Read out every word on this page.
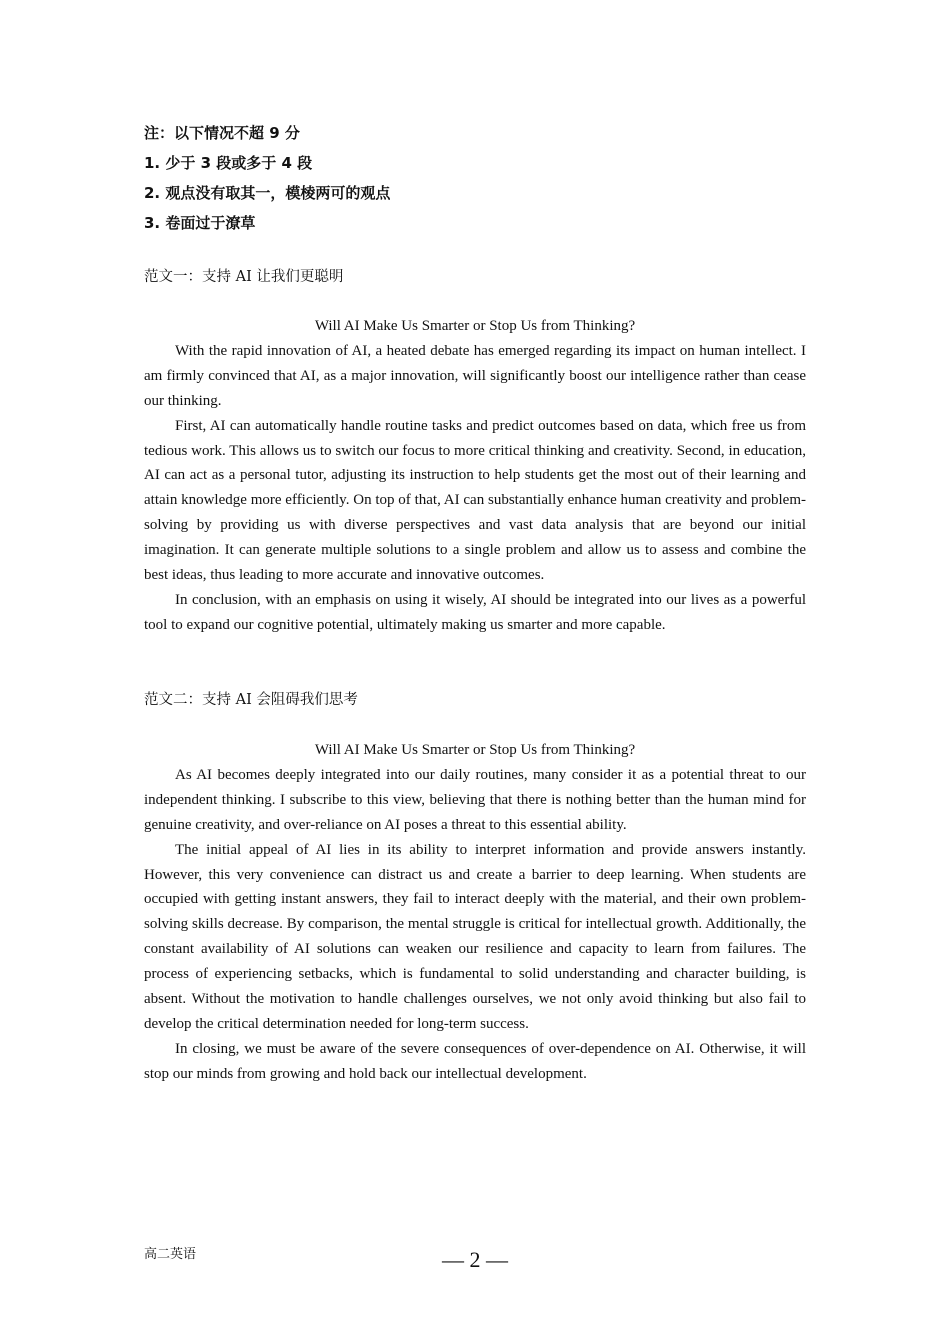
注：以下情况不超 9 分
1. 少于 3 段或多于 4 段
2. 观点没有取其一，模棱两可的观点
3. 卷面过于潦草
范文一：支持 AI 让我们更聪明
Will AI Make Us Smarter or Stop Us from Thinking?

With the rapid innovation of AI, a heated debate has emerged regarding its impact on human intellect. I am firmly convinced that AI, as a major innovation, will significantly boost our intelligence rather than cease our thinking.

First, AI can automatically handle routine tasks and predict outcomes based on data, which free us from tedious work. This allows us to switch our focus to more critical thinking and creativity. Second, in education, AI can act as a personal tutor, adjusting its instruction to help students get the most out of their learning and attain knowledge more efficiently. On top of that, AI can substantially enhance human creativity and problem-solving by providing us with diverse perspectives and vast data analysis that are beyond our initial imagination. It can generate multiple solutions to a single problem and allow us to assess and combine the best ideas, thus leading to more accurate and innovative outcomes.

In conclusion, with an emphasis on using it wisely, AI should be integrated into our lives as a powerful tool to expand our cognitive potential, ultimately making us smarter and more capable.

范文二：支持 AI 会阻碍我们思考
Will AI Make Us Smarter or Stop Us from Thinking?

As AI becomes deeply integrated into our daily routines, many consider it as a potential threat to our independent thinking. I subscribe to this view, believing that there is nothing better than the human mind for genuine creativity, and over-reliance on AI poses a threat to this essential ability.

The initial appeal of AI lies in its ability to interpret information and provide answers instantly. However, this very convenience can distract us and create a barrier to deep learning. When students are occupied with getting instant answers, they fail to interact deeply with the material, and their own problem-solving skills decrease. By comparison, the mental struggle is critical for intellectual growth. Additionally, the constant availability of AI solutions can weaken our resilience and capacity to learn from failures. The process of experiencing setbacks, which is fundamental to solid understanding and character building, is absent. Without the motivation to handle challenges ourselves, we not only avoid thinking but also fail to develop the critical determination needed for long-term success.

In closing, we must be aware of the severe consequences of over-dependence on AI. Otherwise, it will stop our minds from growing and hold back our intellectual development.

高二英语	— 2 —
